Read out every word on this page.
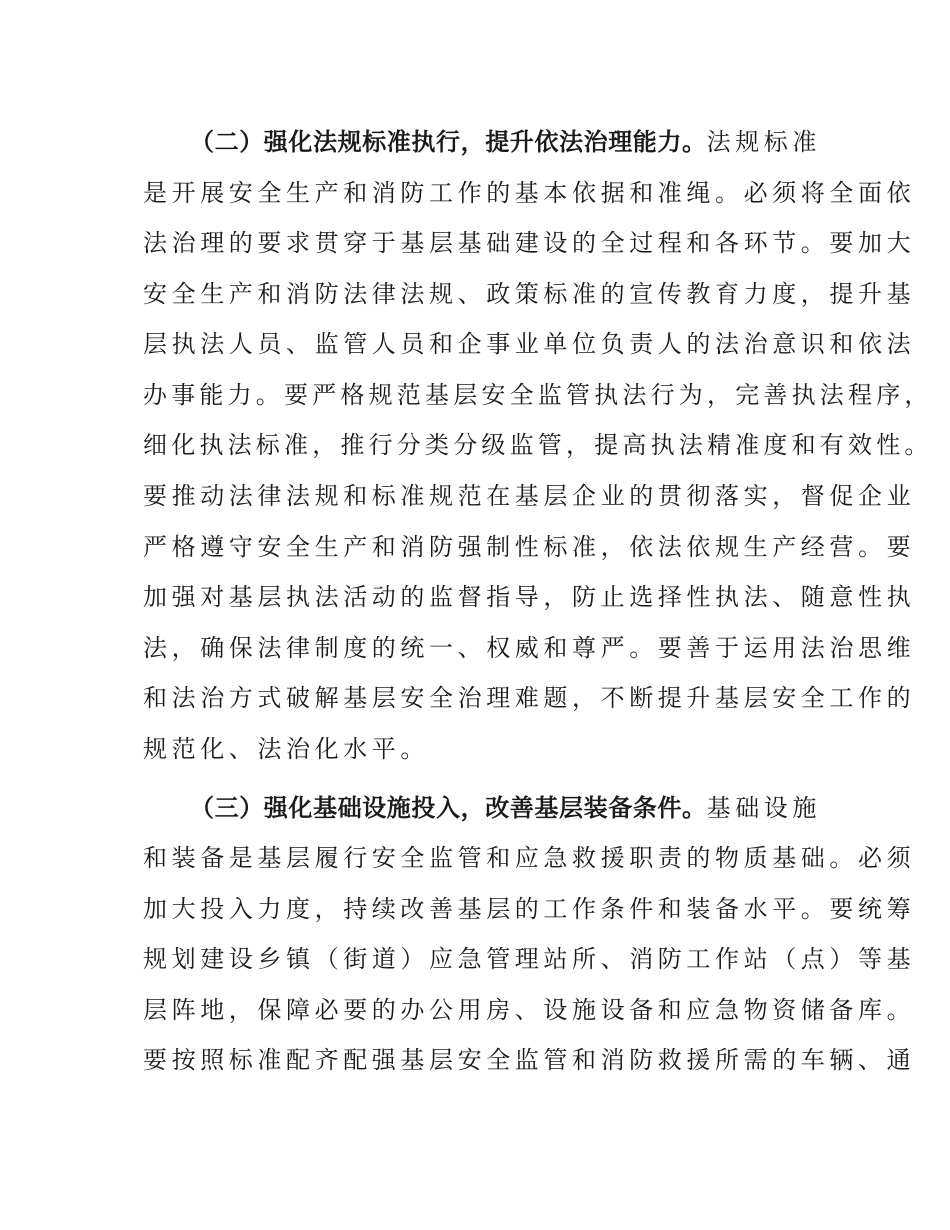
（二）强化法规标准执行，提升依法治理能力。法规标准
是开展安全生产和消防工作的基本依据和准绳。必须将全面依
法治理的要求贯穿于基层基础建设的全过程和各环节。要加大
安全生产和消防法律法规、政策标准的宣传教育力度，提升基
层执法人员、监管人员和企事业单位负责人的法治意识和依法
办事能力。要严格规范基层安全监管执法行为，完善执法程序，
细化执法标准，推行分类分级监管，提高执法精准度和有效性。
要推动法律法规和标准规范在基层企业的贯彻落实，督促企业
严格遵守安全生产和消防强制性标准，依法依规生产经营。要
加强对基层执法活动的监督指导，防止选择性执法、随意性执
法，确保法律制度的统一、权威和尊严。要善于运用法治思维
和法治方式破解基层安全治理难题，不断提升基层安全工作的
规范化、法治化水平。
（三）强化基础设施投入，改善基层装备条件。基础设施
和装备是基层履行安全监管和应急救援职责的物质基础。必须
加大投入力度，持续改善基层的工作条件和装备水平。要统筹
规划建设乡镇（街道）应急管理站所、消防工作站（点）等基
层阵地，保障必要的办公用房、设施设备和应急物资储备库。
要按照标准配齐配强基层安全监管和消防救援所需的车辆、通
